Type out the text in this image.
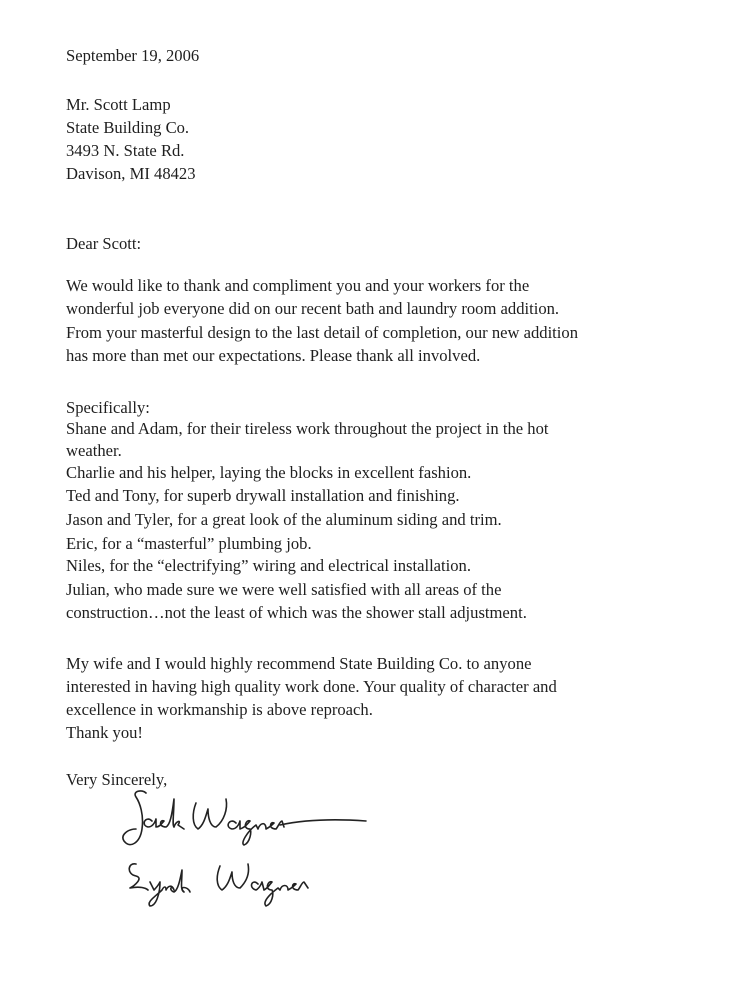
September 19, 2006
Mr. Scott Lamp
State Building Co.
3493 N. State Rd.
Davison, MI 48423
Dear Scott:
We would like to thank and compliment you and your workers for the
wonderful job everyone did on our recent bath and laundry room addition.
From your masterful design to the last detail of completion, our new addition
has more than met our expectations. Please thank all involved.
Specifically:
Shane and Adam, for their tireless work throughout the project in the hot
weather.
Charlie and his helper, laying the blocks in excellent fashion.
Ted and Tony, for superb drywall installation and finishing.
Jason and Tyler, for a great look of the aluminum siding and trim.
Eric, for a “masterful” plumbing job.
Niles, for the “electrifying” wiring and electrical installation.
Julian, who made sure we were well satisfied with all areas of the
construction…not the least of which was the shower stall adjustment.
My wife and I would highly recommend State Building Co. to anyone
interested in having high quality work done. Your quality of character and
excellence in workmanship is above reproach.
Thank you!
Very Sincerely,
